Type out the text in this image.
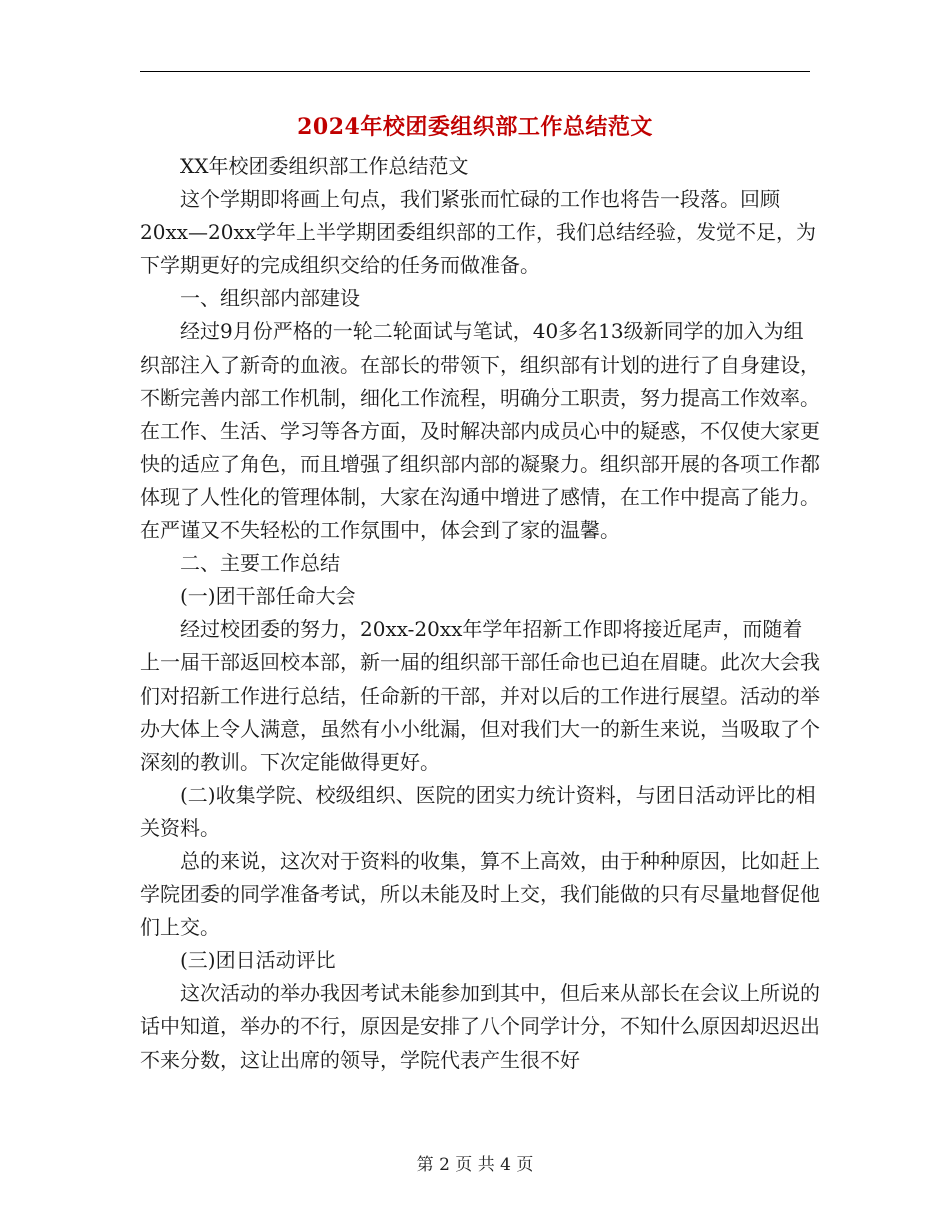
2024年校团委组织部工作总结范文

XX年校团委组织部工作总结范文

这个学期即将画上句点，我们紧张而忙碌的工作也将告一段落。回顾20xx—20xx学年上半学期团委组织部的工作，我们总结经验，发觉不足，为下学期更好的完成组织交给的任务而做准备。

一、组织部内部建设

经过9月份严格的一轮二轮面试与笔试，40多名13级新同学的加入为组织部注入了新奇的血液。在部长的带领下，组织部有计划的进行了自身建设，不断完善内部工作机制，细化工作流程，明确分工职责，努力提高工作效率。在工作、生活、学习等各方面，及时解决部内成员心中的疑惑，不仅使大家更快的适应了角色，而且增强了组织部内部的凝聚力。组织部开展的各项工作都体现了人性化的管理体制，大家在沟通中增进了感情，在工作中提高了能力。在严谨又不失轻松的工作氛围中，体会到了家的温馨。

二、主要工作总结

(一)团干部任命大会

经过校团委的努力，20xx-20xx年学年招新工作即将接近尾声，而随着上一届干部返回校本部，新一届的组织部干部任命也已迫在眉睫。此次大会我们对招新工作进行总结，任命新的干部，并对以后的工作进行展望。活动的举办大体上令人满意，虽然有小小纰漏，但对我们大一的新生来说，当吸取了个深刻的教训。下次定能做得更好。

(二)收集学院、校级组织、医院的团实力统计资料，与团日活动评比的相关资料。

总的来说，这次对于资料的收集，算不上高效，由于种种原因，比如赶上学院团委的同学准备考试，所以未能及时上交，我们能做的只有尽量地督促他们上交。

(三)团日活动评比

这次活动的举办我因考试未能参加到其中，但后来从部长在会议上所说的话中知道，举办的不行，原因是安排了八个同学计分，不知什么原因却迟迟出不来分数，这让出席的领导，学院代表产生很不好

第 2 页 共 4 页
